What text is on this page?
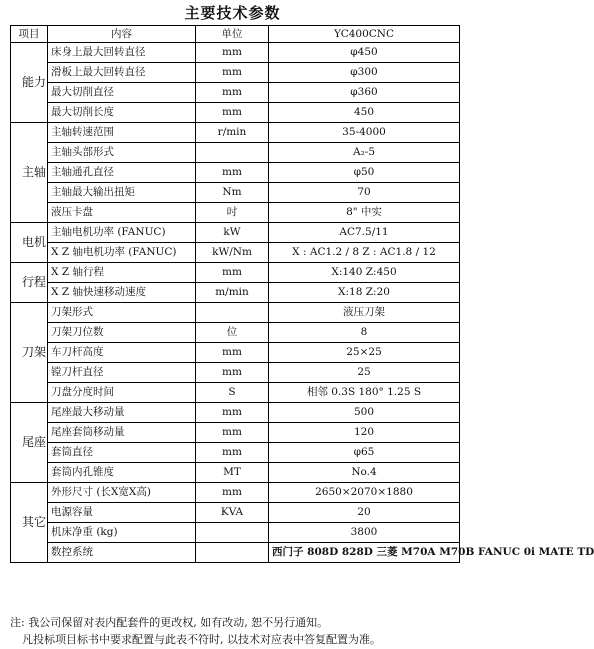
主要技术参数
项目	内容	单位	YC400CNC

能力	床身上最大回转直径	mm	φ450
	滑板上最大回转直径	mm	φ300
	最大切削直径	mm	φ360
	最大切削长度	mm	450

主轴	主轴转速范围	r/min	35-4000
	主轴头部形式		A₂-5
	主轴通孔直径	mm	φ50
	主轴最大输出扭矩	Nm	70
	液压卡盘	吋	8" 中实

电机	主轴电机功率 (FANUC)	kW	AC7.5/11
	X Z 轴电机功率 (FANUC)	kW/Nm	X : AC1.2 / 8 Z : AC1.8 / 12

行程	X Z 轴行程	mm	X:140 Z:450
	X Z 轴快速移动速度	m/min	X:18 Z:20

刀架	刀架形式		液压刀架
	刀架刀位数	位	8
	车刀杆高度	mm	25×25
	镗刀杆直径	mm	25
	刀盘分度时间	S	相邻 0.3S 180° 1.25 S

尾座	尾座最大移动量	mm	500
	尾座套筒移动量	mm	120
	套筒直径	mm	φ65
	套筒内孔锥度	MT	No.4

其它	外形尺寸 (长X宽X高)	mm	2650×2070×1880
	电源容量	KVA	20
	机床净重 (kg)		3800
	数控系统		西门子 808D 828D 三菱 M70A M70B FANUC 0i MATE TD
注: 我公司保留对表内配套件的更改权, 如有改动, 恕不另行通知。
凡投标项目标书中要求配置与此表不符时, 以技术对应表中答复配置为准。
